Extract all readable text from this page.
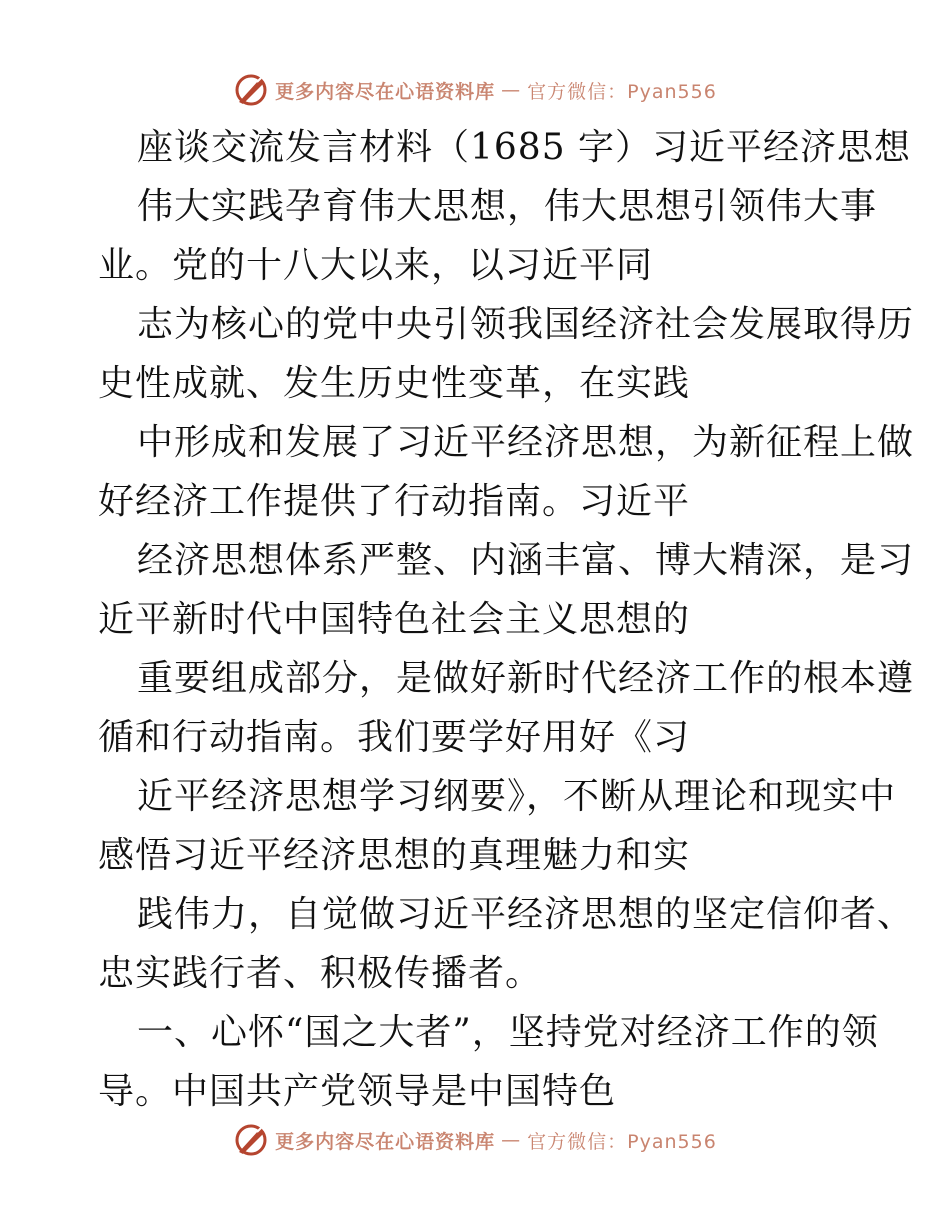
更多内容尽在心语资料库 — 官方微信：Pyan556
座谈交流发言材料（1685 字）习近平经济思想
伟大实践孕育伟大思想，伟大思想引领伟大事
业。党的十八大以来，以习近平同
志为核心的党中央引领我国经济社会发展取得历
史性成就、发生历史性变革，在实践
中形成和发展了习近平经济思想，为新征程上做
好经济工作提供了行动指南。习近平
经济思想体系严整、内涵丰富、博大精深，是习
近平新时代中国特色社会主义思想的
重要组成部分，是做好新时代经济工作的根本遵
循和行动指南。我们要学好用好《习
近平经济思想学习纲要》，不断从理论和现实中
感悟习近平经济思想的真理魅力和实
践伟力，自觉做习近平经济思想的坚定信仰者、
忠实践行者、积极传播者。
一、心怀“国之大者”，坚持党对经济工作的领
导。中国共产党领导是中国特色
更多内容尽在心语资料库 — 官方微信：Pyan556
